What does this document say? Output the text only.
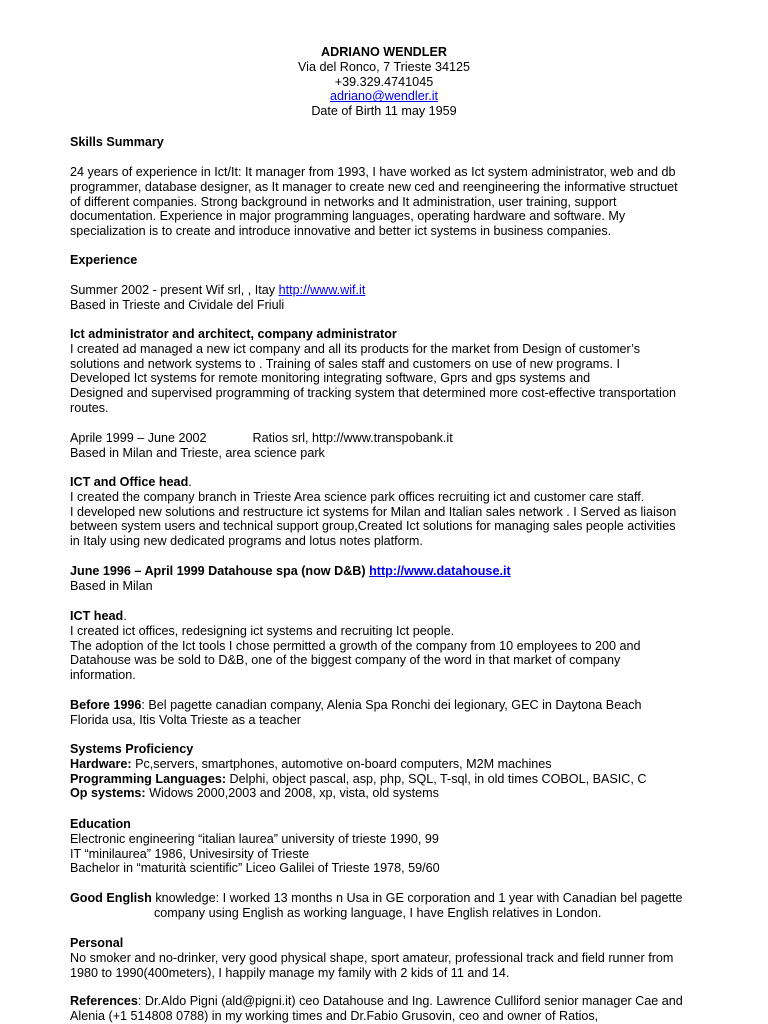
ADRIANO WENDLER
Via del Ronco, 7 Trieste 34125
+39.329.4741045
adriano@wendler.it
Date of Birth 11 may 1959
Skills Summary
24 years of experience in Ict/It: It manager from 1993, I have worked as Ict system administrator, web and db
programmer, database designer, as It manager to create new ced and reengineering the informative structuet
of different companies. Strong background in networks and It administration, user training, support
documentation. Experience in major programming languages, operating hardware and software. My
specialization is to create and introduce innovative and better ict systems in business companies.
Experience
Summer 2002 - present Wif srl, , Itay http://www.wif.it
Based in Trieste and Cividale del Friuli
Ict administrator and architect, company administrator
I created ad managed a new ict company and all its products for the market from Design of customer’s
solutions and network systems to . Training of sales staff and customers on use of new programs. I
Developed Ict systems for remote monitoring integrating software, Gprs and gps systems and
Designed and supervised programming of tracking system that determined more cost-effective transportation
routes.
Aprile 1999 – June 2002	Ratios srl, http://www.transpobank.it
Based in Milan and Trieste, area science park
ICT and Office head.
I created the company branch in Trieste Area science park offices recruiting ict and customer care staff.
I developed new solutions and restructure ict systems for Milan and Italian sales network . I Served as liaison
between system users and technical support group,Created Ict solutions for managing sales people activities
in Italy using new dedicated programs and lotus notes platform.
June 1996 – April 1999 Datahouse spa (now D&B) http://www.datahouse.it
Based in Milan
ICT head.
I created ict offices, redesigning ict systems and recruiting Ict people.
The adoption of the Ict tools I chose permitted a growth of the company from 10 employees to 200 and
Datahouse was be sold to D&B, one of the biggest company of the word in that market of company
information.
Before 1996: Bel pagette canadian company, Alenia Spa Ronchi dei legionary, GEC in Daytona Beach
Florida usa, Itis Volta Trieste as a teacher
Systems Proficiency
Hardware: Pc,servers, smartphones, automotive on-board computers, M2M machines
Programming Languages: Delphi, object pascal, asp, php, SQL, T-sql, in old times COBOL, BASIC, C
Op systems: Widows 2000,2003 and 2008, xp, vista, old systems
Education
Electronic engineering “italian laurea” university of trieste 1990, 99
IT “minilaurea” 1986, Univesirsity of Trieste
Bachelor in “maturità scientific” Liceo Galilei of Trieste 1978, 59/60
Good English knowledge: I worked 13 months n Usa in GE corporation and 1 year with Canadian bel pagette
company using English as working language, I have English relatives in London.
Personal
No smoker and no-drinker, very good physical shape, sport amateur, professional track and field runner from
1980 to 1990(400meters), I happily manage my family with 2 kids of 11 and 14.
References: Dr.Aldo Pigni (ald@pigni.it) ceo Datahouse and Ing. Lawrence Culliford senior manager Cae and
Alenia (+1 514808 0788) in my working times and Dr.Fabio Grusovin, ceo and owner of Ratios,
